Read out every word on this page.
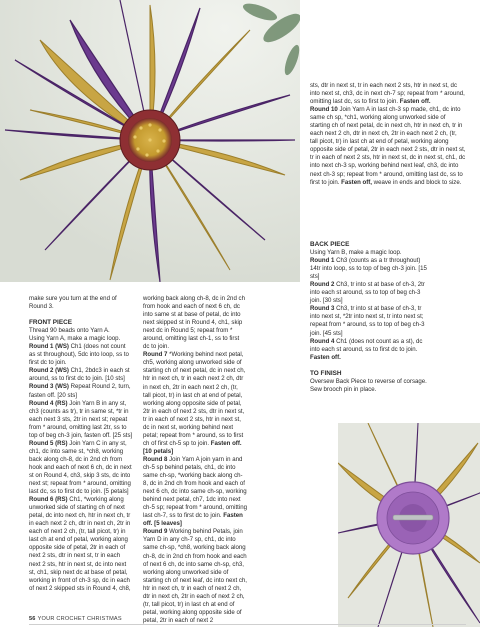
make sure you turn at the end of Round 3.

FRONT PIECE

Thread 90 beads onto Yarn A.

Using Yarn A, make a magic loop.

Round 1 (WS) Ch1 (does not count as st throughout), 5dc into loop, ss to first dc to join.

Round 2 (WS) Ch1, 2bdc3 in each st around, ss to first dc to join. [10 sts]

Round 3 (WS) Repeat Round 2, turn, fasten off. [20 sts]

Round 4 (RS) Join Yarn B in any st, ch3 (counts as tr), tr in same st, *tr in each next 3 sts, 2tr in next st; repeat from * around, omitting last 2tr, ss to top of beg ch-3 join, fasten off. [25 sts]

Round 5 (RS) Join Yarn C in any st, ch1, dc into same st, *ch8, working back along ch-8, dc in 2nd ch from hook and each of next 6 ch, dc in next st on Round 4, ch3, skip 3 sts, dc into next st; repeat from * around, omitting last dc, ss to first dc to join. [5 petals]

Round 6 (RS) Ch1, *working along unworked side of starting ch of next petal, dc into next ch, htr in next ch, tr in each next 2 ch, dtr in next ch, 2tr in each of next 2 ch, (tr, tall picot, tr) in last ch at end of petal, working along opposite side of petal, 2tr in each of next 2 sts, dtr in next st, tr in each next 2 sts, htr in next st, dc into next st, ch1, skip next dc at base of petal, working in front of ch-3 sp, dc in each of next 2 skipped sts in Round 4, ch8,

working back along ch-8, dc in 2nd ch from hook and each of next 6 ch, dc into same st at base of petal, dc into next skipped st in Round 4, ch1, skip next dc in Round 5; repeat from * around, omitting last ch-1, ss to first dc to join.

Round 7 *Working behind next petal, ch5, working along unworked side of starting ch of next petal, dc in next ch, htr in next ch, tr in each next 2 ch, dtr in next ch, 2tr in each next 2 ch, (tr, tall picot, tr) in last ch at end of petal, working along opposite side of petal, 2tr in each of next 2 sts, dtr in next st, tr in each of next 2 sts, htr in next st, dc in next st, working behind next petal; repeat from * around, ss to first ch of first ch-5 sp to join. Fasten off. [10 petals]

Round 8 Join Yarn A join yarn in and ch-5 sp behind petals, ch1, dc into same ch-sp, *working back along ch-8, dc in 2nd ch from hook and each of next 6 ch, dc into same ch-sp, working behind next petal, ch7, 1dc into next ch-5 sp; repeat from * around, omitting last ch-7, ss to first dc to join. Fasten off. [5 leaves]

Round 9 Working behind Petals, join Yarn D in any ch-7 sp, ch1, dc into same ch-sp, *ch8, working back along ch-8, dc in 2nd ch from hook and each of next 6 ch, dc into same ch-sp, ch3, working along unworked side of starting ch of next leaf, dc into next ch, htr in next ch, tr in each of next 2 ch, dtr in next ch, 2tr in each of next 2 ch, (tr, tall picot, tr) in last ch at end of petal, working along opposite side of petal, 2tr in each of next 2

sts, dtr in next st, tr in each next 2 sts, htr in next st, dc into next st, ch3, dc in next ch-7 sp; repeat from * around, omitting last dc, ss to first to join. Fasten off.

Round 10 Join Yarn A in last ch-3 sp made, ch1, dc into same ch sp, *ch1, working along unworked side of starting ch of next petal, dc in next ch, htr in next ch, tr in each next 2 ch, dtr in next ch, 2tr in each next 2 ch, (tr, tall picot, tr) in last ch at end of petal, working along opposite side of petal, 2tr in each next 2 sts, dtr in next st, tr in each of next 2 sts, htr in next st, dc in next st, ch1, dc into next ch-3 sp, working behind next leaf, ch3, dc into next ch-3 sp; repeat from * around, omitting last dc, ss to first to join. Fasten off, weave in ends and block to size.

BACK PIECE

Using Yarn B, make a magic loop.

Round 1 Ch3 (counts as a tr throughout) 14tr into loop, ss to top of beg ch-3 join. [15 sts]

Round 2 Ch3, tr into st at base of ch-3, 2tr into each st around, ss to top of beg ch-3 join. [30 sts]

Round 3 Ch3, tr into st at base of ch-3, tr into next st, *2tr into next st, tr into next st; repeat from * around, ss to top of beg ch-3 join. [45 sts]

Round 4 Ch1 (does not count as a st), dc into each st around, ss to first dc to join. Fasten off.

TO FINISH

Oversew Back Piece to reverse of corsage. Sew brooch pin in place.

56 YOUR CROCHET CHRISTMAS
